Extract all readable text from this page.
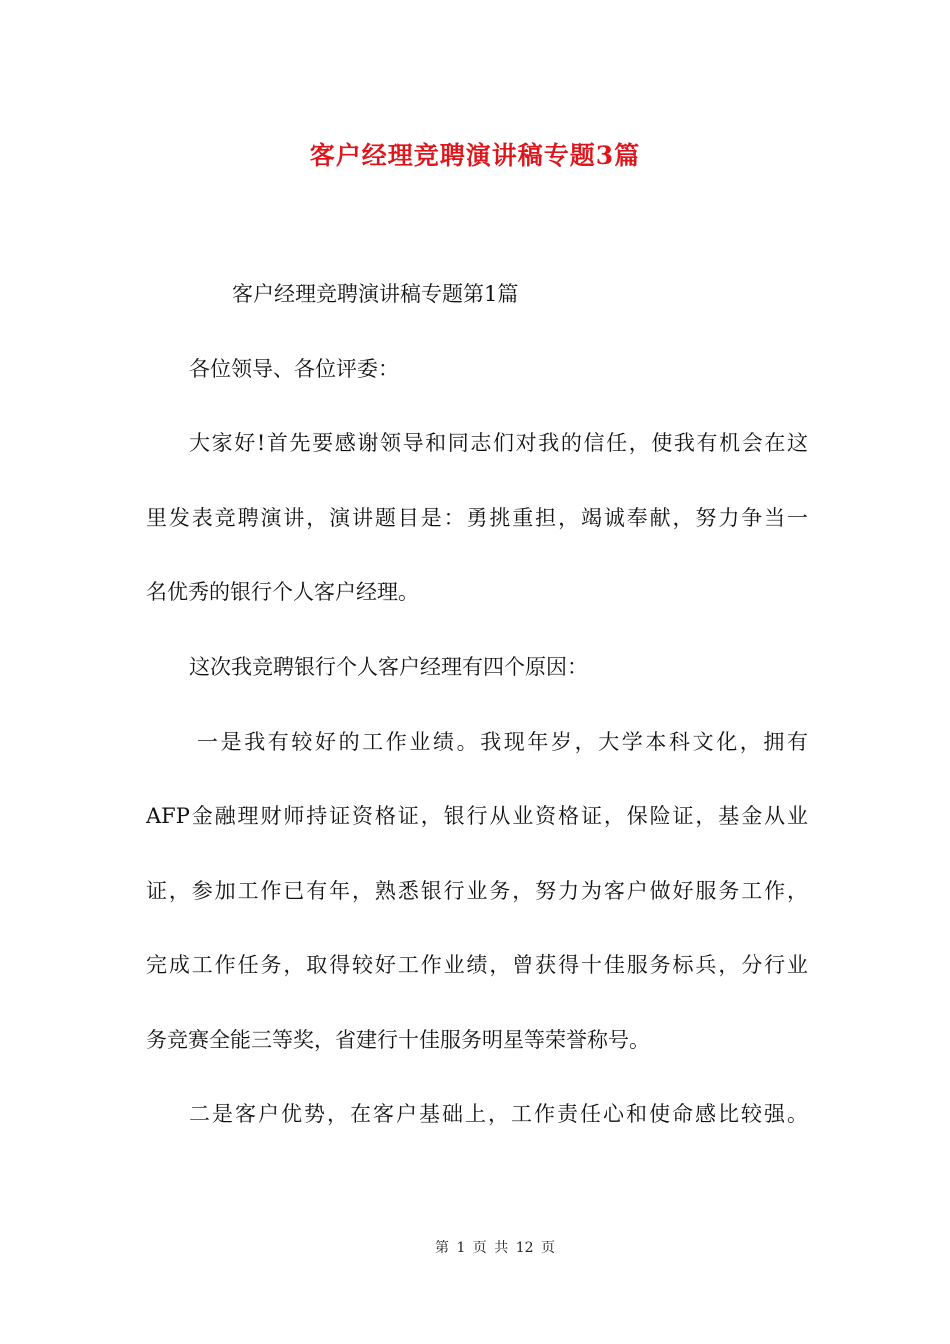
客户经理竞聘演讲稿专题3篇
客户经理竞聘演讲稿专题第1篇
各位领导、各位评委：
大家好!首先要感谢领导和同志们对我的信任，使我有机会在这
里发表竞聘演讲，演讲题目是：勇挑重担，竭诚奉献，努力争当一
名优秀的银行个人客户经理。
这次我竞聘银行个人客户经理有四个原因：
一是我有较好的工作业绩。我现年岁，大学本科文化，拥有
AFP金融理财师持证资格证，银行从业资格证，保险证，基金从业
证，参加工作已有年，熟悉银行业务，努力为客户做好服务工作，
完成工作任务，取得较好工作业绩，曾获得十佳服务标兵，分行业
务竞赛全能三等奖，省建行十佳服务明星等荣誉称号。
二是客户优势，在客户基础上，工作责任心和使命感比较强。
第 1 页 共 12 页
